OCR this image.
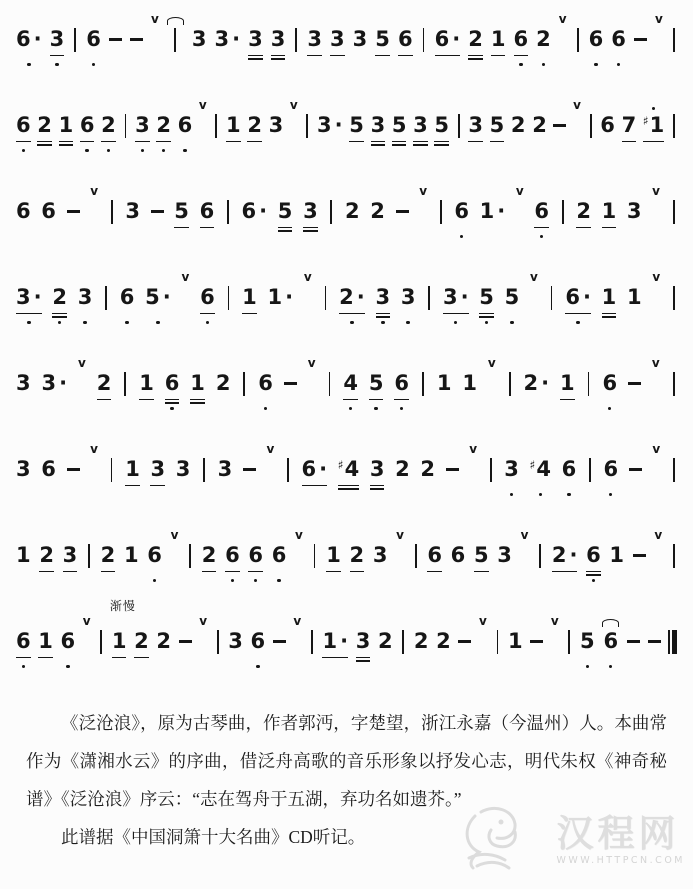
6 · 3 6
v
3 3 · 3 3 3 3 3 5 6 6 · 2 1 6 2
v
6 6
v
6 2 1 6 2 3 2 6
v
1 2 3
v
3 · 5 3 5 3 5 3 5 2 2
v
6 7 ♯ 1
6 6
v
3 5 6 6 · 5 3 2 2
v
6 1 ·
v
6 2 1 3
v
3 · 2 3 6 5 ·
v
6 1 1 ·
v
2 · 3 3 3 · 5 5
v
6 · 1 1
v
3 3 ·
v
2 1 6 1 2 6
v
4 5 6 1 1
v
2 · 1 6
v
3 6
v
1 3 3 3
v
6 · ♯ 4 3 2 2
v
3 ♯ 4 6 6
v
1 2 3 2 1 6
v
2 6 6 6
v
1 2 3
v
6 6 5 3
v
2 · 6 1
v
6 1 6
v
渐慢
1 2 2
v
3 6
v
1 · 3 2 2 2
v
1
v
5 6

《泛沧浪》，原为古琴曲，作者郭沔，字楚望，浙江永嘉（今温州）人。本曲常作为《潇湘水云》的序曲，借泛舟高歌的音乐形象以抒发心志，明代朱权《神奇秘谱》《泛沧浪》序云：“志在驾舟于五湖，弃功名如遗芥。”

此谱据《中国洞箫十大名曲》CD听记。	汉程网
WWW.HTTPCN.COM
